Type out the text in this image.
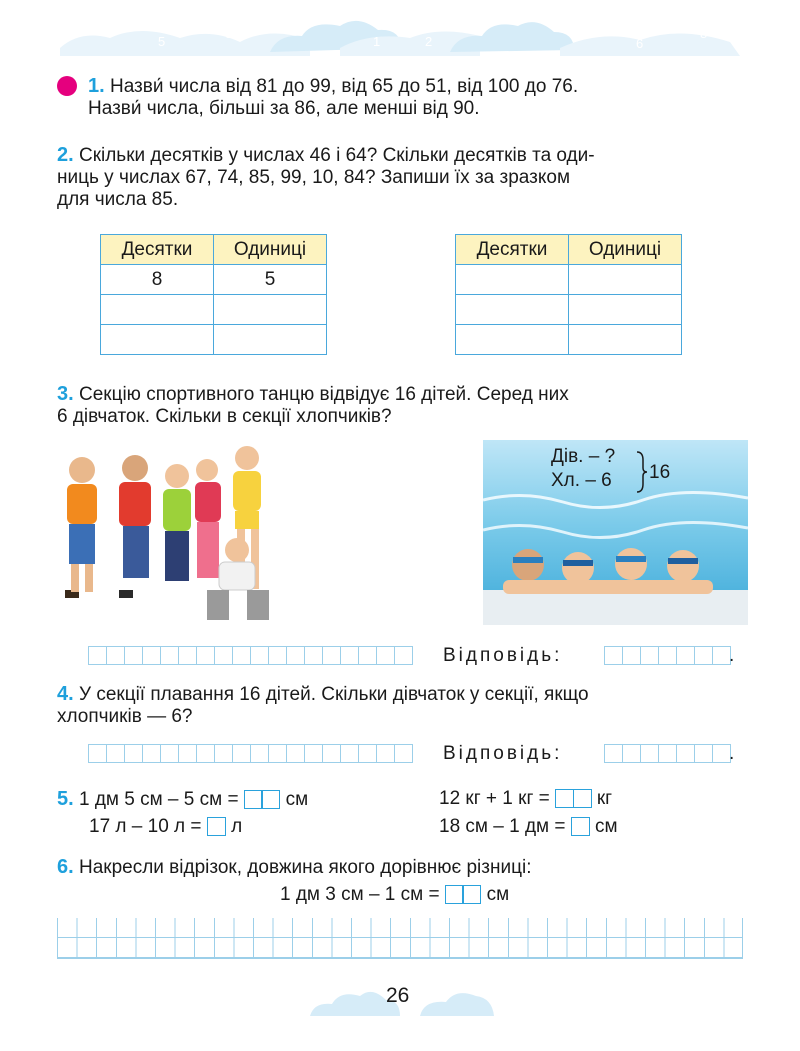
7
5
3
1
0
2
4
6
8
1. Назви́ числа від 81 до 99, від 65 до 51, від 100 до 76.
Назви́ числа, більші за 86, але менші від 90.
2. Скільки десятків у числах 46 і 64? Скільки десятків та оди-
ниць у числах 67, 74, 85, 99, 10, 84? Запиши їх за зразком
для числа 85.
Десятки	Одиниці
8	5

Десятки	Одиниці

3. Секцію спортивного танцю відвідує 16 дітей. Серед них
6 дівчаток. Скільки в секції хлопчиків?
Дів. – ?
Хл. – 6 16
Відповідь:	.
4. У секції плавання 16 дітей. Скільки дівчаток у секції, якщо
хлопчиків — 6?
Відповідь:	.
5. 1 дм 5 см – 5 см = см
17 л – 10 л = л
12 кг + 1 кг = кг
18 см – 1 дм = см
6. Накресли відрізок, довжина якого дорівнює різниці:
1 дм 3 см – 1 см = см
26
